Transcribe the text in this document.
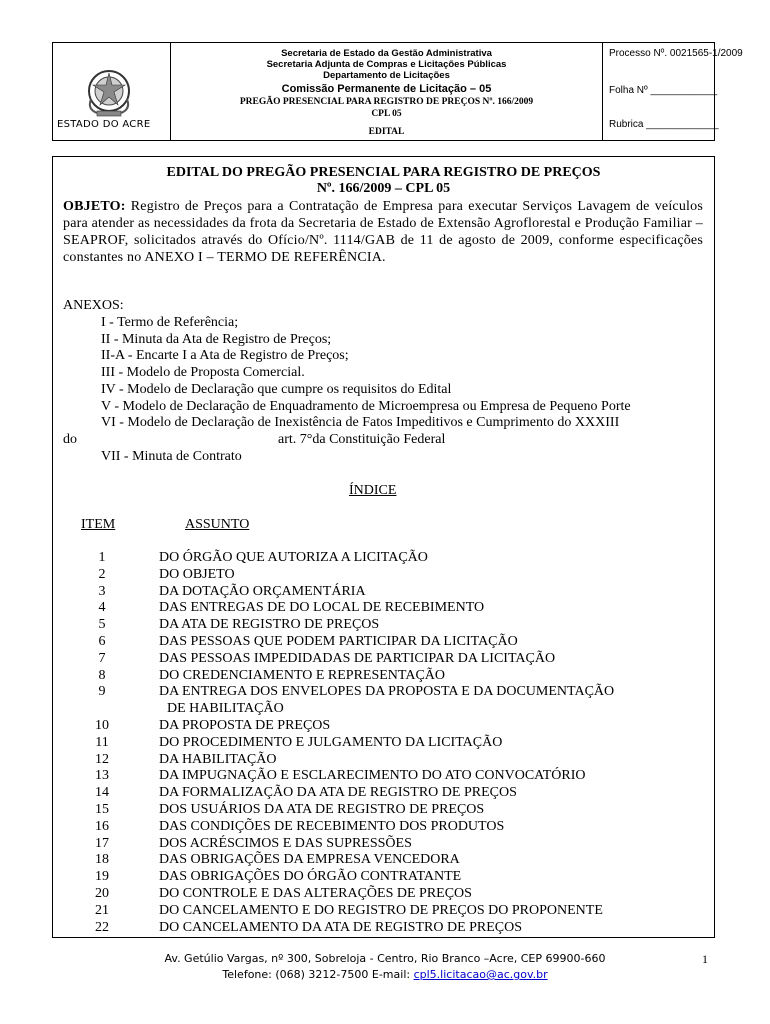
ESTADO DO ACRE
Secretaria de Estado da Gestão Administrativa
Secretaria Adjunta de Compras e Licitações Públicas
Departamento de Licitações
Comissão Permanente de Licitação – 05
PREGÃO PRESENCIAL PARA REGISTRO DE PREÇOS Nº. 166/2009
CPL 05
EDITAL
Processo Nº. 0021565-1/2009
Folha Nº ____________
Rubrica _____________
EDITAL DO PREGÃO PRESENCIAL PARA REGISTRO DE PREÇOS
Nº. 166/2009 – CPL 05
OBJETO: Registro de Preços para a Contratação de Empresa para executar Serviços Lavagem de veículos para atender as necessidades da frota da Secretaria de Estado de Extensão Agroflorestal e Produção Familiar – SEAPROF, solicitados através do Ofício/Nº. 1114/GAB de 11 de agosto de 2009, conforme especificações constantes no ANEXO I – TERMO DE REFERÊNCIA.
ANEXOS:
I - Termo de Referência;
II - Minuta da Ata de Registro de Preços;
II-A - Encarte I a Ata de Registro de Preços;
III - Modelo de Proposta Comercial.
IV - Modelo de Declaração que cumpre os requisitos do Edital
V - Modelo de Declaração de Enquadramento de Microempresa ou Empresa de Pequeno Porte
VI - Modelo de Declaração de Inexistência de Fatos Impeditivos e Cumprimento do XXXIII
do	art. 7°da Constituição Federal
VII - Minuta de Contrato
ÍNDICE
ITEM	ASSUNTO
1	DO ÓRGÃO QUE AUTORIZA A LICITAÇÃO
2	DO OBJETO
3	DA DOTAÇÃO ORÇAMENTÁRIA
4	DAS ENTREGAS DE DO LOCAL DE RECEBIMENTO
5	DA ATA DE REGISTRO DE PREÇOS
6	DAS PESSOAS QUE PODEM PARTICIPAR DA LICITAÇÃO
7	DAS PESSOAS IMPEDIDADAS DE PARTICIPAR DA LICITAÇÃO
8	DO CREDENCIAMENTO E REPRESENTAÇÃO
9	DA ENTREGA DOS ENVELOPES DA PROPOSTA E DA DOCUMENTAÇÃO
DE HABILITAÇÃO
10	DA PROPOSTA DE PREÇOS
11	DO PROCEDIMENTO E JULGAMENTO DA LICITAÇÃO
12	DA HABILITAÇÃO
13	DA IMPUGNAÇÃO E ESCLARECIMENTO DO ATO CONVOCATÓRIO
14	DA FORMALIZAÇÃO DA ATA DE REGISTRO DE PREÇOS
15	DOS USUÁRIOS DA ATA DE REGISTRO DE PREÇOS
16	DAS CONDIÇÕES DE RECEBIMENTO DOS PRODUTOS
17	DOS ACRÉSCIMOS E DAS SUPRESSÕES
18	DAS OBRIGAÇÕES DA EMPRESA VENCEDORA
19	DAS OBRIGAÇÕES DO ÓRGÃO CONTRATANTE
20	DO CONTROLE E DAS ALTERAÇÕES DE PREÇOS
21	DO CANCELAMENTO E DO REGISTRO DE PREÇOS DO PROPONENTE
22	DO CANCELAMENTO DA ATA DE REGISTRO DE PREÇOS
Av. Getúlio Vargas, nº 300, Sobreloja - Centro, Rio Branco –Acre, CEP 69900-660
Telefone: (068) 3212-7500 E-mail: cpl5.licitacao@ac.gov.br
1
